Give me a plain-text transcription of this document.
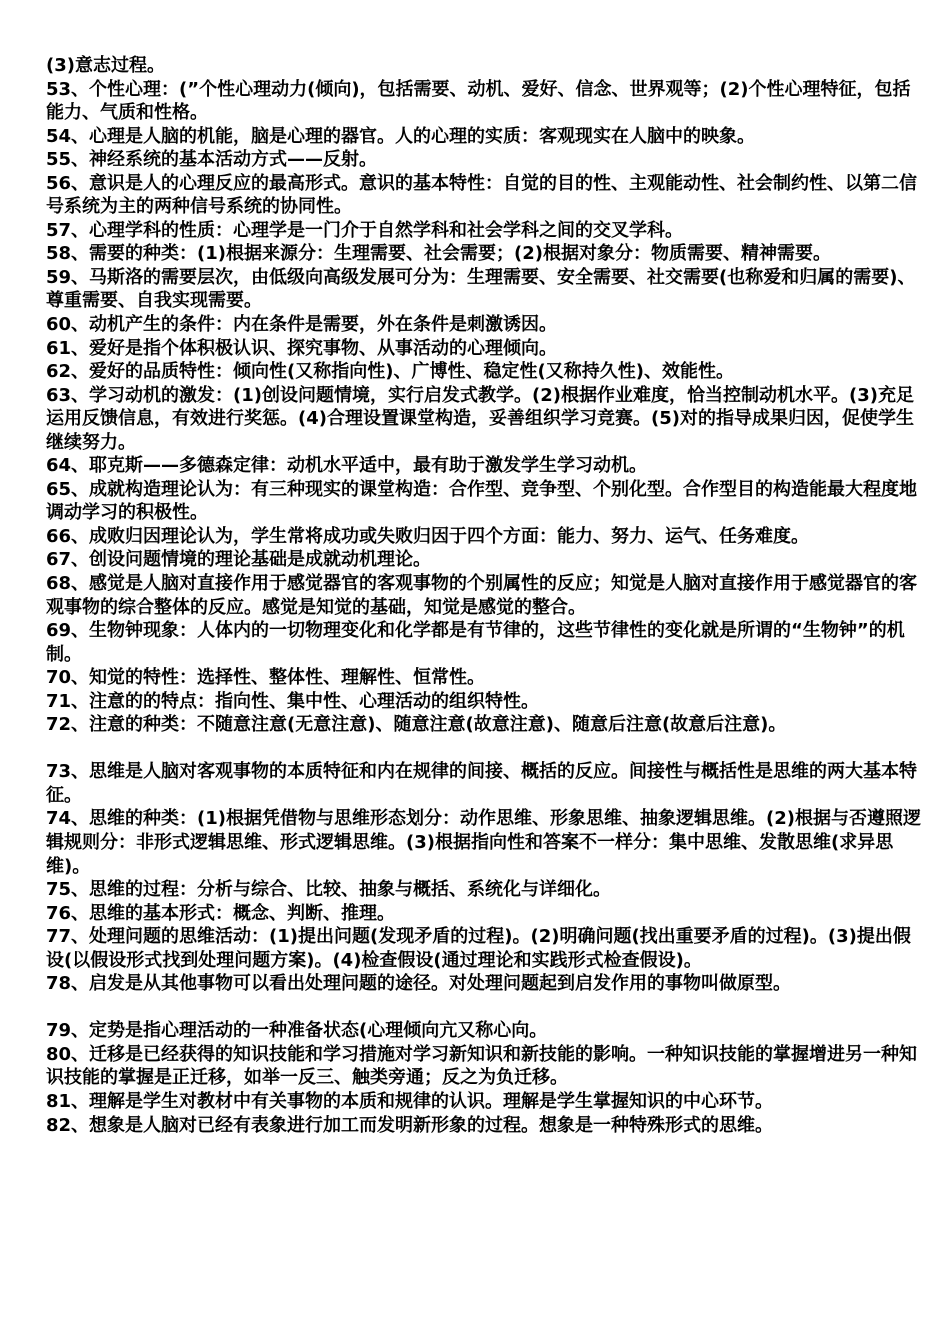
(3)意志过程。
53、个性心理：(”个性心理动力(倾向)，包括需要、动机、爱好、信念、世界观等；(2)个性心理特征，包括能力、气质和性格。
54、心理是人脑的机能，脑是心理的器官。人的心理的实质：客观现实在人脑中的映象。
55、神经系统的基本活动方式——反射。
56、意识是人的心理反应的最高形式。意识的基本特性：自觉的目的性、主观能动性、社会制约性、以第二信号系统为主的两种信号系统的协同性。
57、心理学科的性质：心理学是一门介于自然学科和社会学科之间的交叉学科。
58、需要的种类：(1)根据来源分：生理需要、社会需要；(2)根据对象分：物质需要、精神需要。
59、马斯洛的需要层次，由低级向高级发展可分为：生理需要、安全需要、社交需要(也称爱和归属的需要)、尊重需要、自我实现需要。
60、动机产生的条件：内在条件是需要，外在条件是刺激诱因。
61、爱好是指个体积极认识、探究事物、从事活动的心理倾向。
62、爱好的品质特性：倾向性(又称指向性)、广博性、稳定性(又称持久性)、效能性。
63、学习动机的激发：(1)创设问题情境，实行启发式教学。(2)根据作业难度，恰当控制动机水平。(3)充足运用反馈信息，有效进行奖惩。(4)合理设置课堂构造，妥善组织学习竞赛。(5)对的指导成果归因，促使学生继续努力。
64、耶克斯——多德森定律：动机水平适中，最有助于激发学生学习动机。
65、成就构造理论认为：有三种现实的课堂构造：合作型、竞争型、个别化型。合作型目的构造能最大程度地调动学习的积极性。
66、成败归因理论认为，学生常将成功或失败归因于四个方面：能力、努力、运气、任务难度。
67、创设问题情境的理论基础是成就动机理论。
68、感觉是人脑对直接作用于感觉器官的客观事物的个别属性的反应；知觉是人脑对直接作用于感觉器官的客观事物的综合整体的反应。感觉是知觉的基础，知觉是感觉的整合。
69、生物钟现象：人体内的一切物理变化和化学都是有节律的，这些节律性的变化就是所谓的“生物钟”的机制。
70、知觉的特性：选择性、整体性、理解性、恒常性。
71、注意的的特点：指向性、集中性、心理活动的组织特性。
72、注意的种类：不随意注意(无意注意)、随意注意(故意注意)、随意后注意(故意后注意)。
73、思维是人脑对客观事物的本质特征和内在规律的间接、概括的反应。间接性与概括性是思维的两大基本特征。
74、思维的种类：(1)根据凭借物与思维形态划分：动作思维、形象思维、抽象逻辑思维。(2)根据与否遵照逻辑规则分：非形式逻辑思维、形式逻辑思维。(3)根据指向性和答案不一样分：集中思维、发散思维(求异思维)。
75、思维的过程：分析与综合、比较、抽象与概括、系统化与详细化。
76、思维的基本形式：概念、判断、推理。
77、处理问题的思维活动：(1)提出问题(发现矛盾的过程)。(2)明确问题(找出重要矛盾的过程)。(3)提出假设(以假设形式找到处理问题方案)。(4)检查假设(通过理论和实践形式检查假设)。
78、启发是从其他事物可以看出处理问题的途径。对处理问题起到启发作用的事物叫做原型。
79、定势是指心理活动的一种准备状态(心理倾向亢又称心向。
80、迁移是已经获得的知识技能和学习措施对学习新知识和新技能的影响。一种知识技能的掌握增进另一种知识技能的掌握是正迁移，如举一反三、触类旁通；反之为负迁移。
81、理解是学生对教材中有关事物的本质和规律的认识。理解是学生掌握知识的中心环节。
82、想象是人脑对已经有表象进行加工而发明新形象的过程。想象是一种特殊形式的思维。
